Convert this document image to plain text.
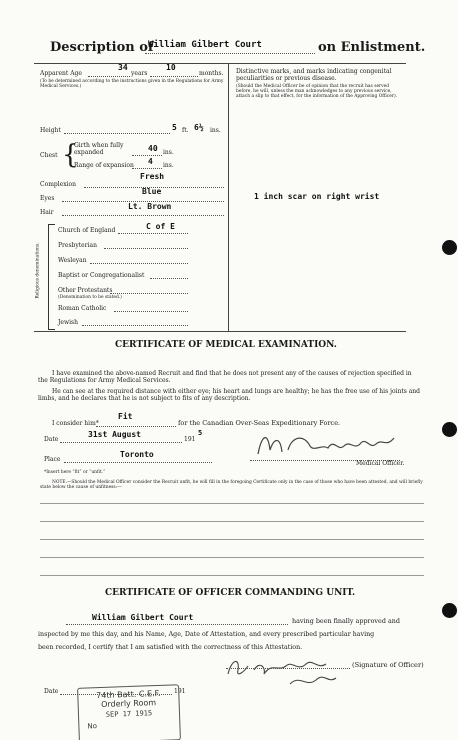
Description of
William Gilbert Court	on Enlistment.
Apparent Age
34
years
10
months.
(To be determined according to the instructions given in the Regulations for Army Medical Services.)
Distinctive marks, and marks indicating congenital peculiarities or previous disease.
(Should the Medical Officer be of opinion that the recruit has served before, he will, unless the man acknowledges to any previous service, attach a slip to that effect, for the information of the Approving Officer).
1 inch scar on right wrist
Height	5 ft. 6½ ins.
Chest {
Girth when fully expanded	40 ins.
Range of expansion 4 ins.
Complexion
Fresh
Eyes
Blue
Hair
Lt. Brown
Religious denominations.
Church of England	C of E
Presbyterian
Wesleyan
Baptist or Congregationalist
Other Protestants
(Denomination to be stated.)
Roman Catholic
Jewish
CERTIFICATE OF MEDICAL EXAMINATION.
I have examined the above-named Recruit and find that he does not present any of the causes of rejection specified in the Regulations for Army Medical Services.
He can see at the required distance with either eye; his heart and lungs are healthy; he has the free use of his joints and limbs, and he declares that he is not subject to fits of any description.
I consider him*
Fit
for the Canadian Over-Seas Expeditionary Force.
Date
31st August
191
5
Place
Toronto
Medical Officer.
*Insert here “fit” or “unfit.”
NOTE.—Should the Medical Officer consider the Recruit unfit, he will fill in the foregoing Certificate only in the case of those who have been attested, and will briefly state below the cause of unfitness:—
CERTIFICATE OF OFFICER COMMANDING UNIT.
William Gilbert Court	having been finally approved and
inspected by me this day, and his Name, Age, Date of Attestation, and every prescribed particular having
been recorded, I certify that I am satisfied with the correctness of this Attestation.
(Signature of Officer)
Date	191
74th Batt. C.E.F.
Orderly Room
SEP 17 1915
No
